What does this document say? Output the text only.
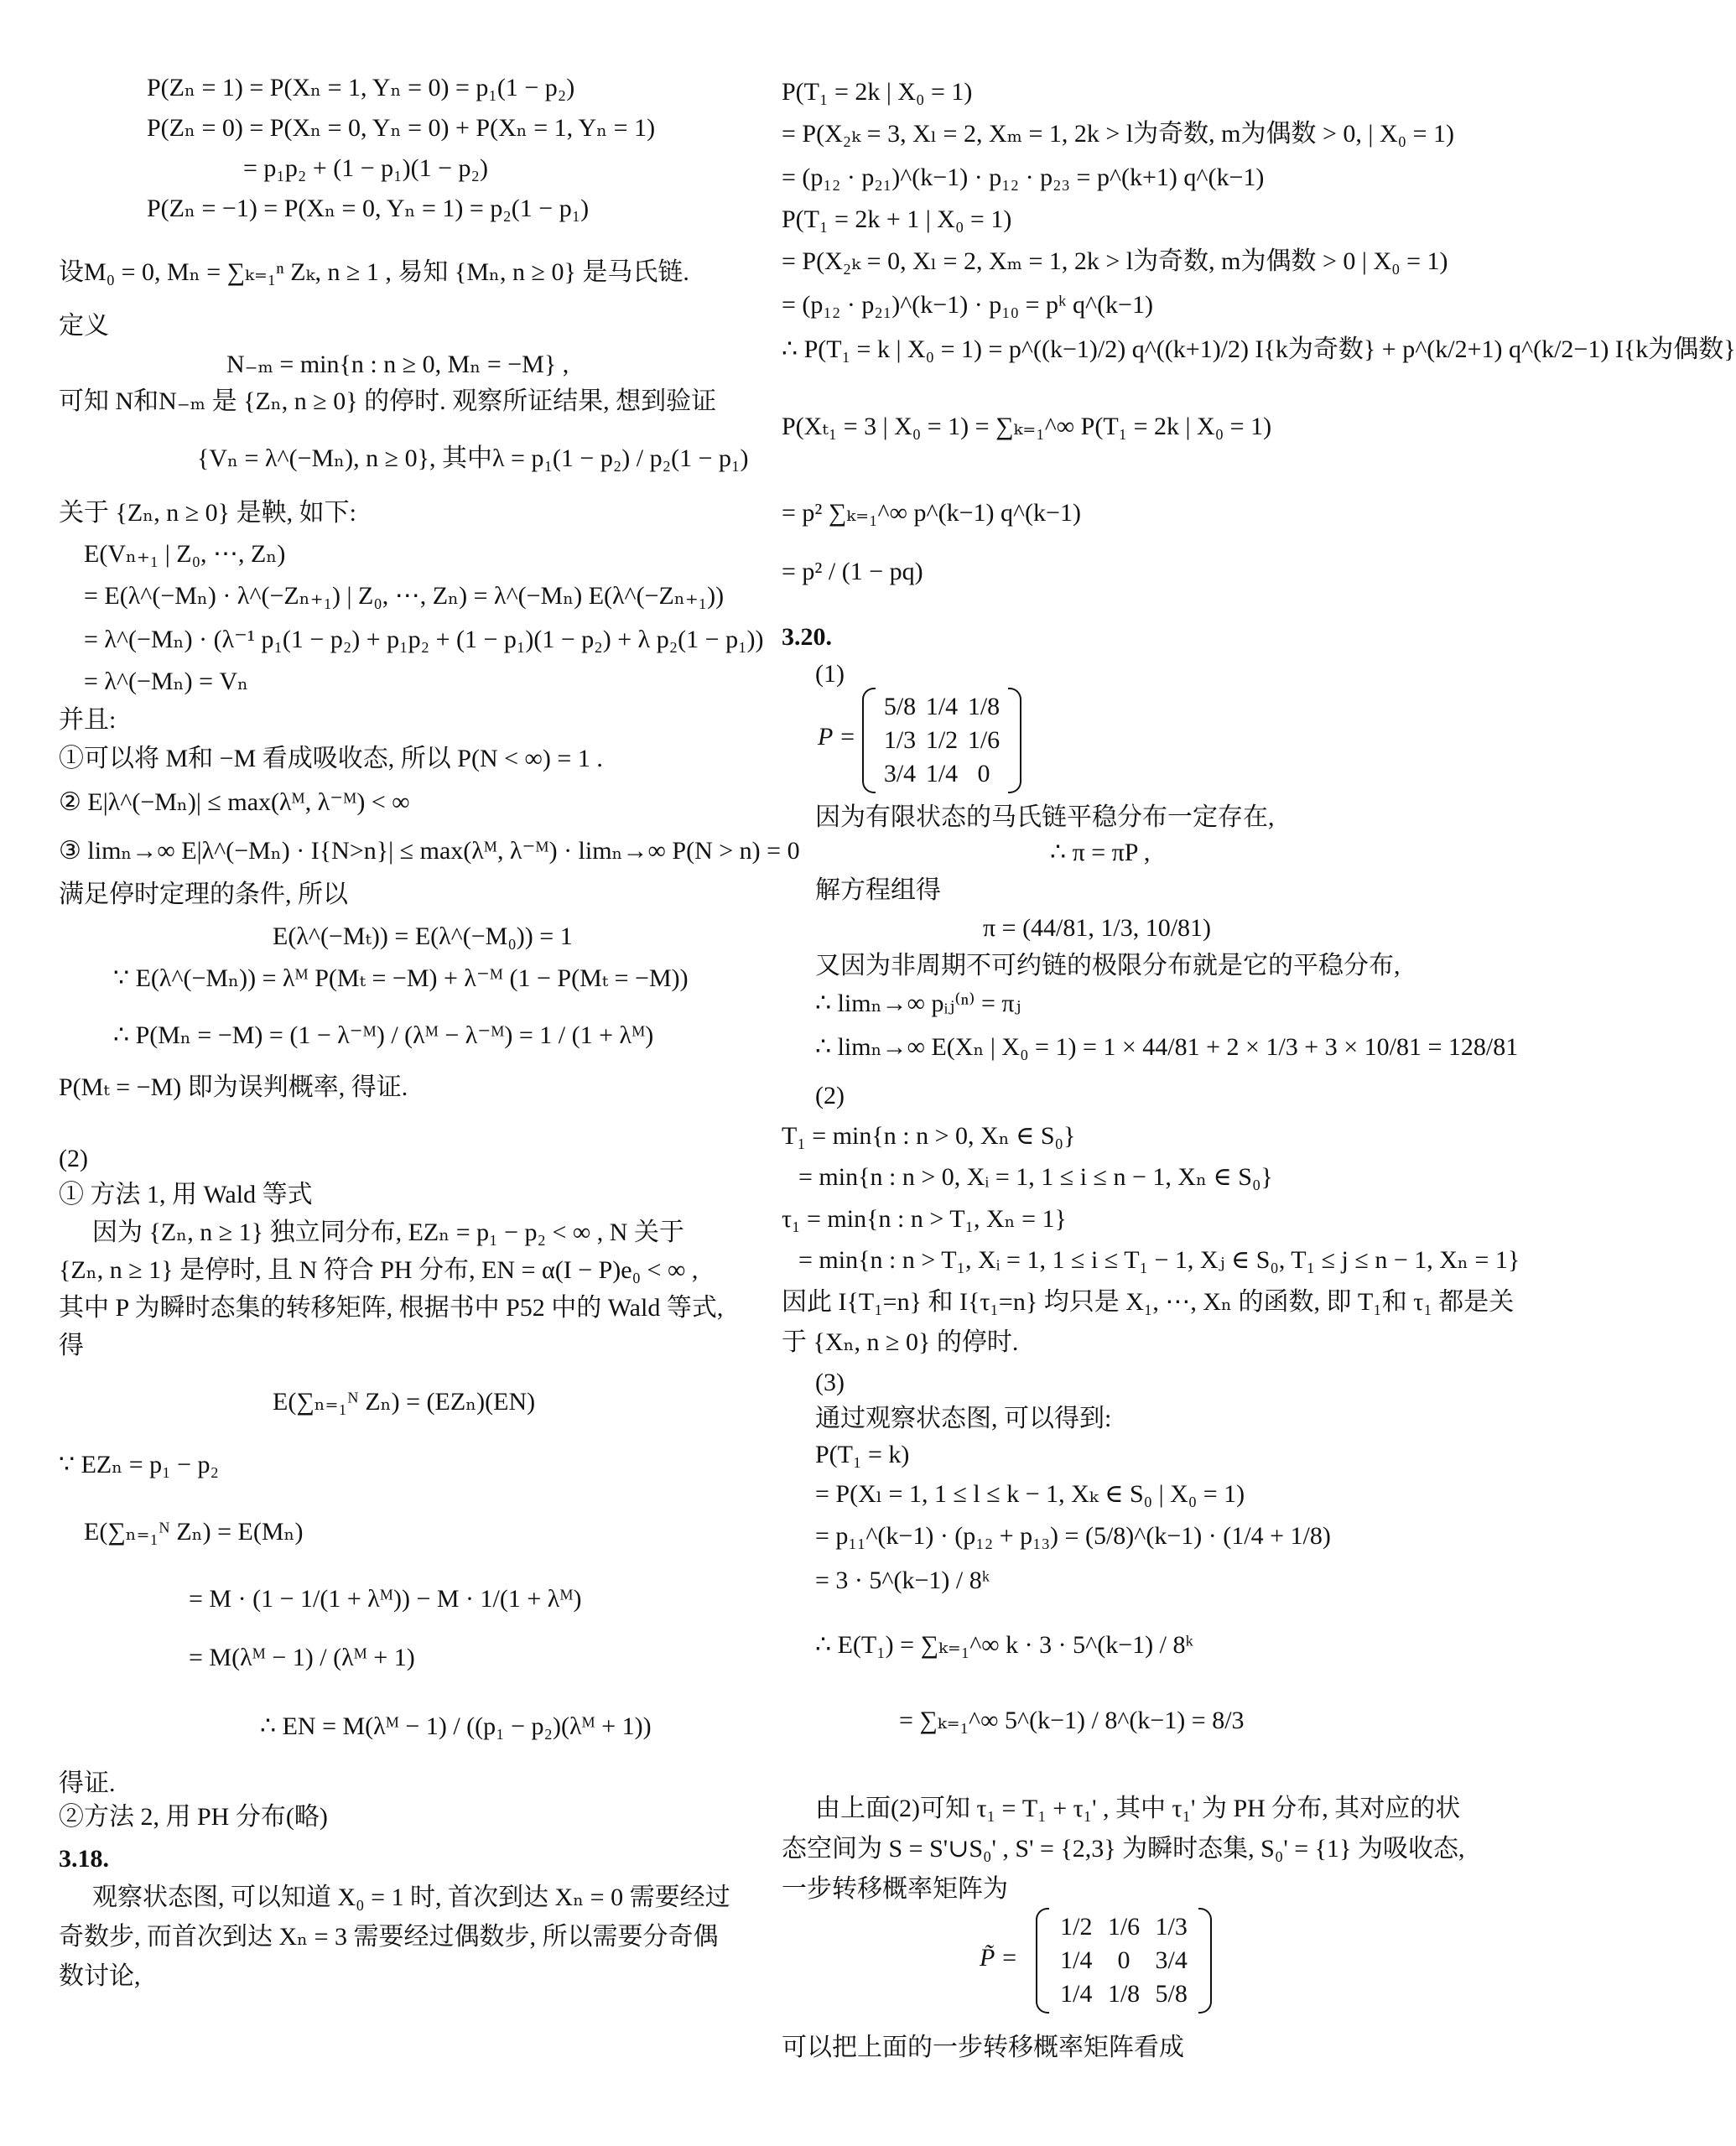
P(Zₙ = 1) = P(Xₙ = 1, Yₙ = 0) = p₁(1 − p₂)
P(Zₙ = 0) = P(Xₙ = 0, Yₙ = 0) + P(Xₙ = 1, Yₙ = 1)
= p₁p₂ + (1 − p₁)(1 − p₂)
P(Zₙ = −1) = P(Xₙ = 0, Yₙ = 1) = p₂(1 − p₁)
设M₀ = 0, Mₙ = ∑ₖ₌₁ⁿ Zₖ, n ≥ 1 , 易知 {Mₙ, n ≥ 0} 是马氏链.
定义
N₋ₘ = min{n : n ≥ 0, Mₙ = −M} ,
可知 N和N₋ₘ 是 {Zₙ, n ≥ 0} 的停时. 观察所证结果, 想到验证
{Vₙ = λ^(−Mₙ), n ≥ 0}, 其中λ = p₁(1 − p₂) / p₂(1 − p₁)
关于 {Zₙ, n ≥ 0} 是鞅, 如下:
E(Vₙ₊₁ | Z₀, ⋯, Zₙ)
= E(λ^(−Mₙ) · λ^(−Zₙ₊₁) | Z₀, ⋯, Zₙ) = λ^(−Mₙ) E(λ^(−Zₙ₊₁))
= λ^(−Mₙ) · (λ⁻¹ p₁(1 − p₂) + p₁p₂ + (1 − p₁)(1 − p₂) + λ p₂(1 − p₁))
= λ^(−Mₙ) = Vₙ
并且:
①可以将 M和 −M 看成吸收态, 所以 P(N < ∞) = 1 .
② E|λ^(−Mₙ)| ≤ max(λᴹ, λ⁻ᴹ) < ∞
③ limₙ→∞ E|λ^(−Mₙ) · I{N>n}| ≤ max(λᴹ, λ⁻ᴹ) · limₙ→∞ P(N > n) = 0
满足停时定理的条件, 所以
E(λ^(−Mₜ)) = E(λ^(−M₀)) = 1
∵ E(λ^(−Mₙ)) = λᴹ P(Mₜ = −M) + λ⁻ᴹ (1 − P(Mₜ = −M))
∴ P(Mₙ = −M) = (1 − λ⁻ᴹ) / (λᴹ − λ⁻ᴹ) = 1 / (1 + λᴹ)
P(Mₜ = −M) 即为误判概率, 得证.
(2)
① 方法 1, 用 Wald 等式
因为 {Zₙ, n ≥ 1} 独立同分布, EZₙ = p₁ − p₂ < ∞ , N 关于
{Zₙ, n ≥ 1} 是停时, 且 N 符合 PH 分布, EN = α(I − P)e₀ < ∞ ,
其中 P 为瞬时态集的转移矩阵, 根据书中 P52 中的 Wald 等式,
得
E(∑ₙ₌₁ᴺ Zₙ) = (EZₙ)(EN)
∵ EZₙ = p₁ − p₂
E(∑ₙ₌₁ᴺ Zₙ) = E(Mₙ)
= M · (1 − 1/(1 + λᴹ)) − M · 1/(1 + λᴹ)
= M(λᴹ − 1) / (λᴹ + 1)
∴ EN = M(λᴹ − 1) / ((p₁ − p₂)(λᴹ + 1))
得证.
②方法 2, 用 PH 分布(略)
3.18.
观察状态图, 可以知道 X₀ = 1 时, 首次到达 Xₙ = 0 需要经过
奇数步, 而首次到达 Xₙ = 3 需要经过偶数步, 所以需要分奇偶
数讨论,
P(T₁ = 2k | X₀ = 1)
= P(X₂ₖ = 3, Xₗ = 2, Xₘ = 1, 2k > l为奇数, m为偶数 > 0, | X₀ = 1)
= (p₁₂ · p₂₁)^(k−1) · p₁₂ · p₂₃ = p^(k+1) q^(k−1)
P(T₁ = 2k + 1 | X₀ = 1)
= P(X₂ₖ = 0, Xₗ = 2, Xₘ = 1, 2k > l为奇数, m为偶数 > 0 | X₀ = 1)
= (p₁₂ · p₂₁)^(k−1) · p₁₀ = pᵏ q^(k−1)
∴ P(T₁ = k | X₀ = 1) = p^((k−1)/2) q^((k+1)/2) I{k为奇数} + p^(k/2+1) q^(k/2−1) I{k为偶数}
P(Xₜ₁ = 3 | X₀ = 1) = ∑ₖ₌₁^∞ P(T₁ = 2k | X₀ = 1)
= p² ∑ₖ₌₁^∞ p^(k−1) q^(k−1)
= p² / (1 − pq)
3.20.
(1)
P =
5/8 1/4 1/8
1/3 1/2 1/6
3/4 1/4 0
因为有限状态的马氏链平稳分布一定存在,
∴ π = πP ,
解方程组得
π = (44/81, 1/3, 10/81)
又因为非周期不可约链的极限分布就是它的平稳分布,
∴ limₙ→∞ pᵢⱼ⁽ⁿ⁾ = πⱼ
∴ limₙ→∞ E(Xₙ | X₀ = 1) = 1 × 44/81 + 2 × 1/3 + 3 × 10/81 = 128/81
(2)
T₁ = min{n : n > 0, Xₙ ∈ S₀}
= min{n : n > 0, Xᵢ = 1, 1 ≤ i ≤ n − 1, Xₙ ∈ S₀}
τ₁ = min{n : n > T₁, Xₙ = 1}
= min{n : n > T₁, Xᵢ = 1, 1 ≤ i ≤ T₁ − 1, Xⱼ ∈ S₀, T₁ ≤ j ≤ n − 1, Xₙ = 1}
因此 I{T₁=n} 和 I{τ₁=n} 均只是 X₁, ⋯, Xₙ 的函数, 即 T₁和 τ₁ 都是关
于 {Xₙ, n ≥ 0} 的停时.
(3)
通过观察状态图, 可以得到:
P(T₁ = k)
= P(Xₗ = 1, 1 ≤ l ≤ k − 1, Xₖ ∈ S₀ | X₀ = 1)
= p₁₁^(k−1) · (p₁₂ + p₁₃) = (5/8)^(k−1) · (1/4 + 1/8)
= 3 · 5^(k−1) / 8ᵏ
∴ E(T₁) = ∑ₖ₌₁^∞ k · 3 · 5^(k−1) / 8ᵏ
= ∑ₖ₌₁^∞ 5^(k−1) / 8^(k−1) = 8/3
由上面(2)可知 τ₁ = T₁ + τ₁' , 其中 τ₁' 为 PH 分布, 其对应的状
态空间为 S = S'∪S₀' , S' = {2,3} 为瞬时态集, S₀' = {1} 为吸收态,
一步转移概率矩阵为
P̃ =
1/2 1/6 1/3
1/4	0	3/4
1/4 1/8 5/8
可以把上面的一步转移概率矩阵看成
